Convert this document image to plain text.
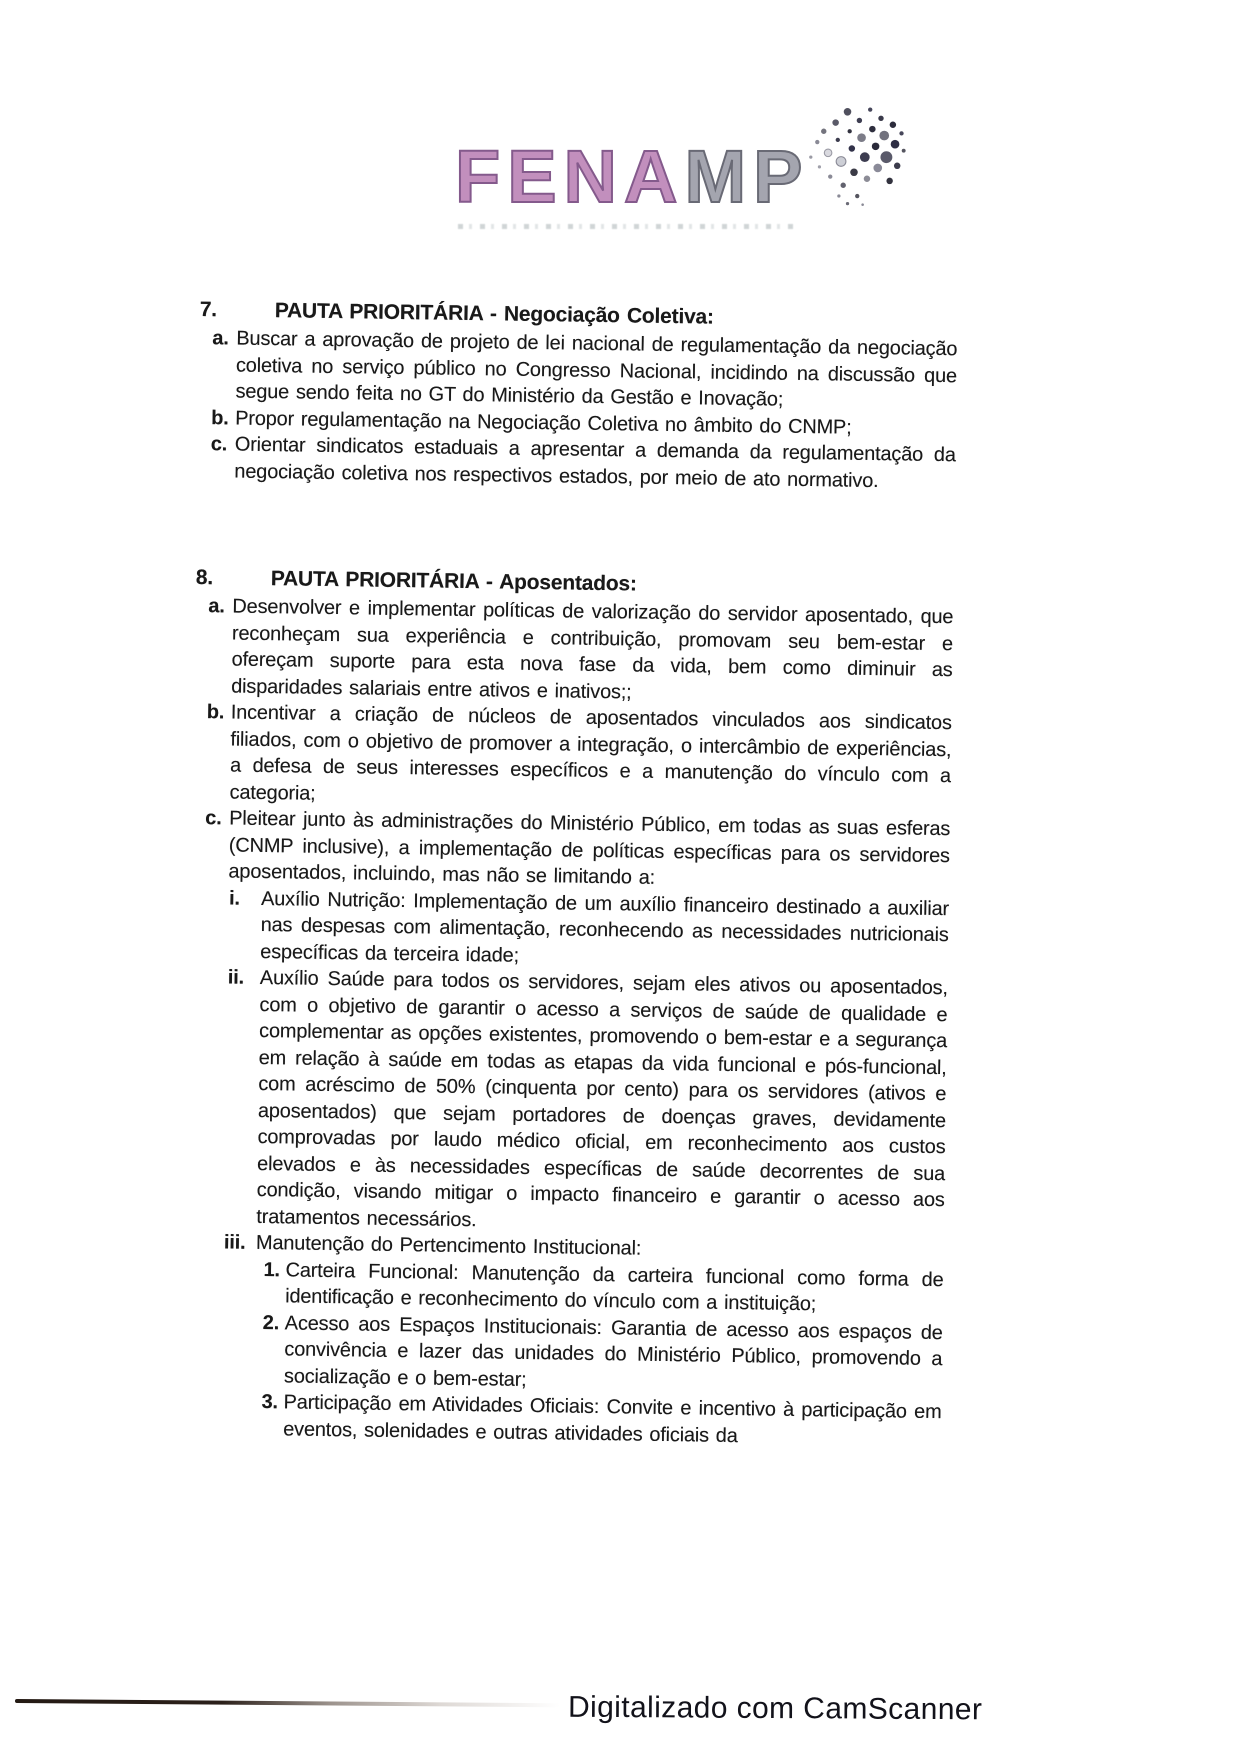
FENAMP
7.	PAUTA PRIORITÁRIA - Negociação Coletiva:
a. Buscar a aprovação de projeto de lei nacional de regulamentação da negociação coletiva no serviço público no Congresso Nacional, incidindo na discussão que segue sendo feita no GT do Ministério da Gestão e Inovação;
b. Propor regulamentação na Negociação Coletiva no âmbito do CNMP;
c. Orientar sindicatos estaduais a apresentar a demanda da regulamentação da negociação coletiva nos respectivos estados, por meio de ato normativo.
8.	PAUTA PRIORITÁRIA - Aposentados:
a. Desenvolver e implementar políticas de valorização do servidor aposentado, que reconheçam sua experiência e contribuição, promovam seu bem-estar e ofereçam suporte para esta nova fase da vida, bem como diminuir as disparidades salariais entre ativos e inativos;;
b. Incentivar a criação de núcleos de aposentados vinculados aos sindicatos filiados, com o objetivo de promover a integração, o intercâmbio de experiências, a defesa de seus interesses específicos e a manutenção do vínculo com a categoria;
c. Pleitear junto às administrações do Ministério Público, em todas as suas esferas (CNMP inclusive), a implementação de políticas específicas para os servidores aposentados, incluindo, mas não se limitando a:
i.	Auxílio Nutrição: Implementação de um auxílio financeiro destinado a auxiliar nas despesas com alimentação, reconhecendo as necessidades nutricionais específicas da terceira idade;
ii. Auxílio Saúde para todos os servidores, sejam eles ativos ou aposentados, com o objetivo de garantir o acesso a serviços de saúde de qualidade e complementar as opções existentes, promovendo o bem-estar e a segurança em relação à saúde em todas as etapas da vida funcional e pós-funcional, com acréscimo de 50% (cinquenta por cento) para os servidores (ativos e aposentados) que sejam portadores de doenças graves, devidamente comprovadas por laudo médico oficial, em reconhecimento aos custos elevados e às necessidades específicas de saúde decorrentes de sua condição, visando mitigar o impacto financeiro e garantir o acesso aos tratamentos necessários.
iii. Manutenção do Pertencimento Institucional:
1. Carteira Funcional: Manutenção da carteira funcional como forma de identificação e reconhecimento do vínculo com a instituição;
2. Acesso aos Espaços Institucionais: Garantia de acesso aos espaços de convivência e lazer das unidades do Ministério Público, promovendo a socialização e o bem-estar;
3. Participação em Atividades Oficiais: Convite e incentivo à participação em eventos, solenidades e outras atividades oficiais da
Digitalizado com CamScanner
